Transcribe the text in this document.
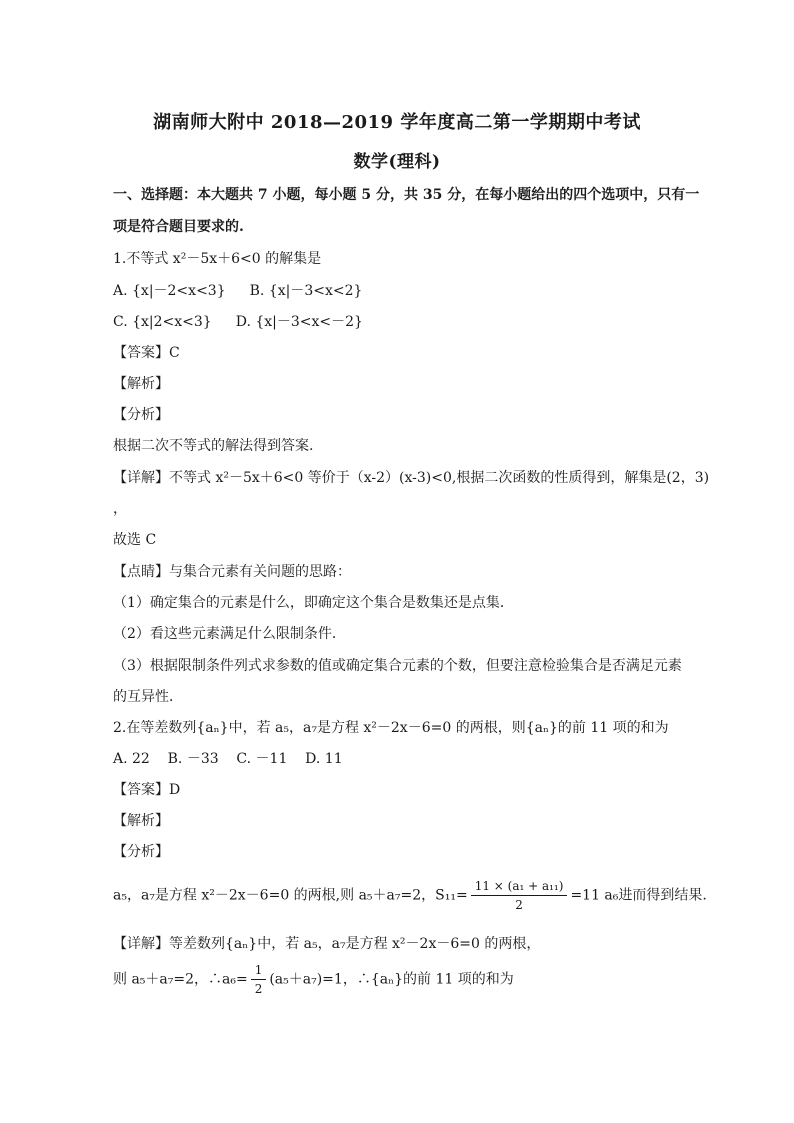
湖南师大附中 2018—2019 学年度高二第一学期期中考试
数学(理科)
一、选择题：本大题共 7 小题，每小题 5 分，共 35 分，在每小题给出的四个选项中，只有一
项是符合题目要求的.
1.不等式 x²－5x＋6<0 的解集是
A. {x|－2<x<3} B. {x|－3<x<2}
C. {x|2<x<3} D. {x|－3<x<－2}
【答案】C
【解析】
【分析】
根据二次不等式的解法得到答案.
【详解】不等式 x²－5x＋6<0 等价于（x-2）(x-3)<0,根据二次函数的性质得到，解集是(2，3)
，
故选 C
【点睛】与集合元素有关问题的思路：
（1）确定集合的元素是什么，即确定这个集合是数集还是点集．
（2）看这些元素满足什么限制条件．
（3）根据限制条件列式求参数的值或确定集合元素的个数，但要注意检验集合是否满足元素
的互异性．
2.在等差数列{aₙ}中，若 a₅，a₇是方程 x²－2x－6=0 的两根，则{aₙ}的前 11 项的和为
A. 22    B. －33    C. －11    D. 11
【答案】D
【解析】
【分析】
a₅，a₇是方程 x²－2x－6=0 的两根,则 a₅＋a₇=2，$S_{11}= \frac{\text{11 × (a₁ + a₁₁)}}{2} =11$ a₆进而得到结果.
【详解】等差数列{aₙ}中，若 a₅，a₇是方程 x²－2x－6=0 的两根，
则 a₅＋a₇=2，∴a₆= $\frac{1}{2} (a_5+a_7)=1$，∴{aₙ}的前 11 项的和为
